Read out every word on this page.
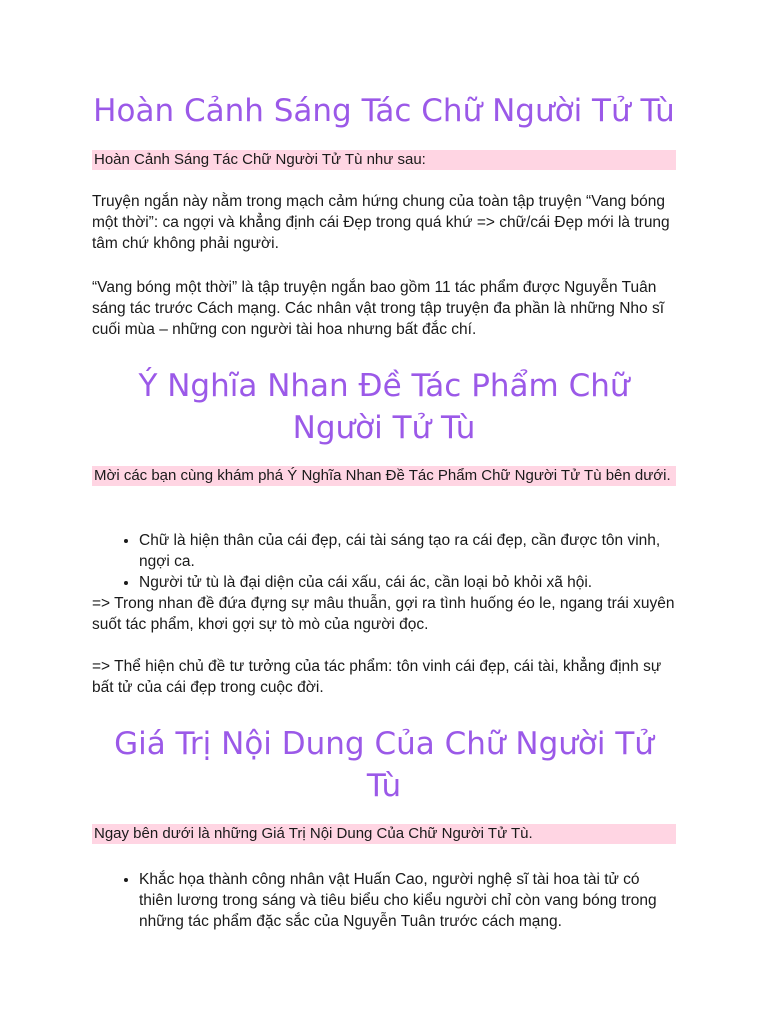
Hoàn Cảnh Sáng Tác Chữ Người Tử Tù
Hoàn Cảnh Sáng Tác Chữ Người Tử Tù như sau:

Truyện ngắn này nằm trong mạch cảm hứng chung của toàn tập truyện “Vang bóng một thời”: ca ngợi và khẳng định cái Đẹp trong quá khứ => chữ/cái Đẹp mới là trung tâm chứ không phải người.

“Vang bóng một thời” là tập truyện ngắn bao gồm 11 tác phẩm được Nguyễn Tuân sáng tác trước Cách mạng. Các nhân vật trong tập truyện đa phần là những Nho sĩ cuối mùa – những con người tài hoa nhưng bất đắc chí.

Ý Nghĩa Nhan Đề Tác Phẩm Chữ Người Tử Tù
Mời các bạn cùng khám phá Ý Nghĩa Nhan Đề Tác Phẩm Chữ Người Tử Tù bên dưới.
• Chữ là hiện thân của cái đẹp, cái tài sáng tạo ra cái đẹp, cần được tôn vinh, ngợi ca.
• Người tử tù là đại diện của cái xấu, cái ác, cần loại bỏ khỏi xã hội.

=> Trong nhan đề đứa đựng sự mâu thuẫn, gợi ra tình huống éo le, ngang trái xuyên suốt tác phẩm, khơi gợi sự tò mò của người đọc.

=> Thể hiện chủ đề tư tưởng của tác phẩm: tôn vinh cái đẹp, cái tài, khẳng định sự bất tử của cái đẹp trong cuộc đời.

Giá Trị Nội Dung Của Chữ Người Tử Tù
Ngay bên dưới là những Giá Trị Nội Dung Của Chữ Người Tử Tù.
• Khắc họa thành công nhân vật Huấn Cao, người nghệ sĩ tài hoa tài tử có thiên lương trong sáng và tiêu biểu cho kiểu người chỉ còn vang bóng trong những tác phẩm đặc sắc của Nguyễn Tuân trước cách mạng.
